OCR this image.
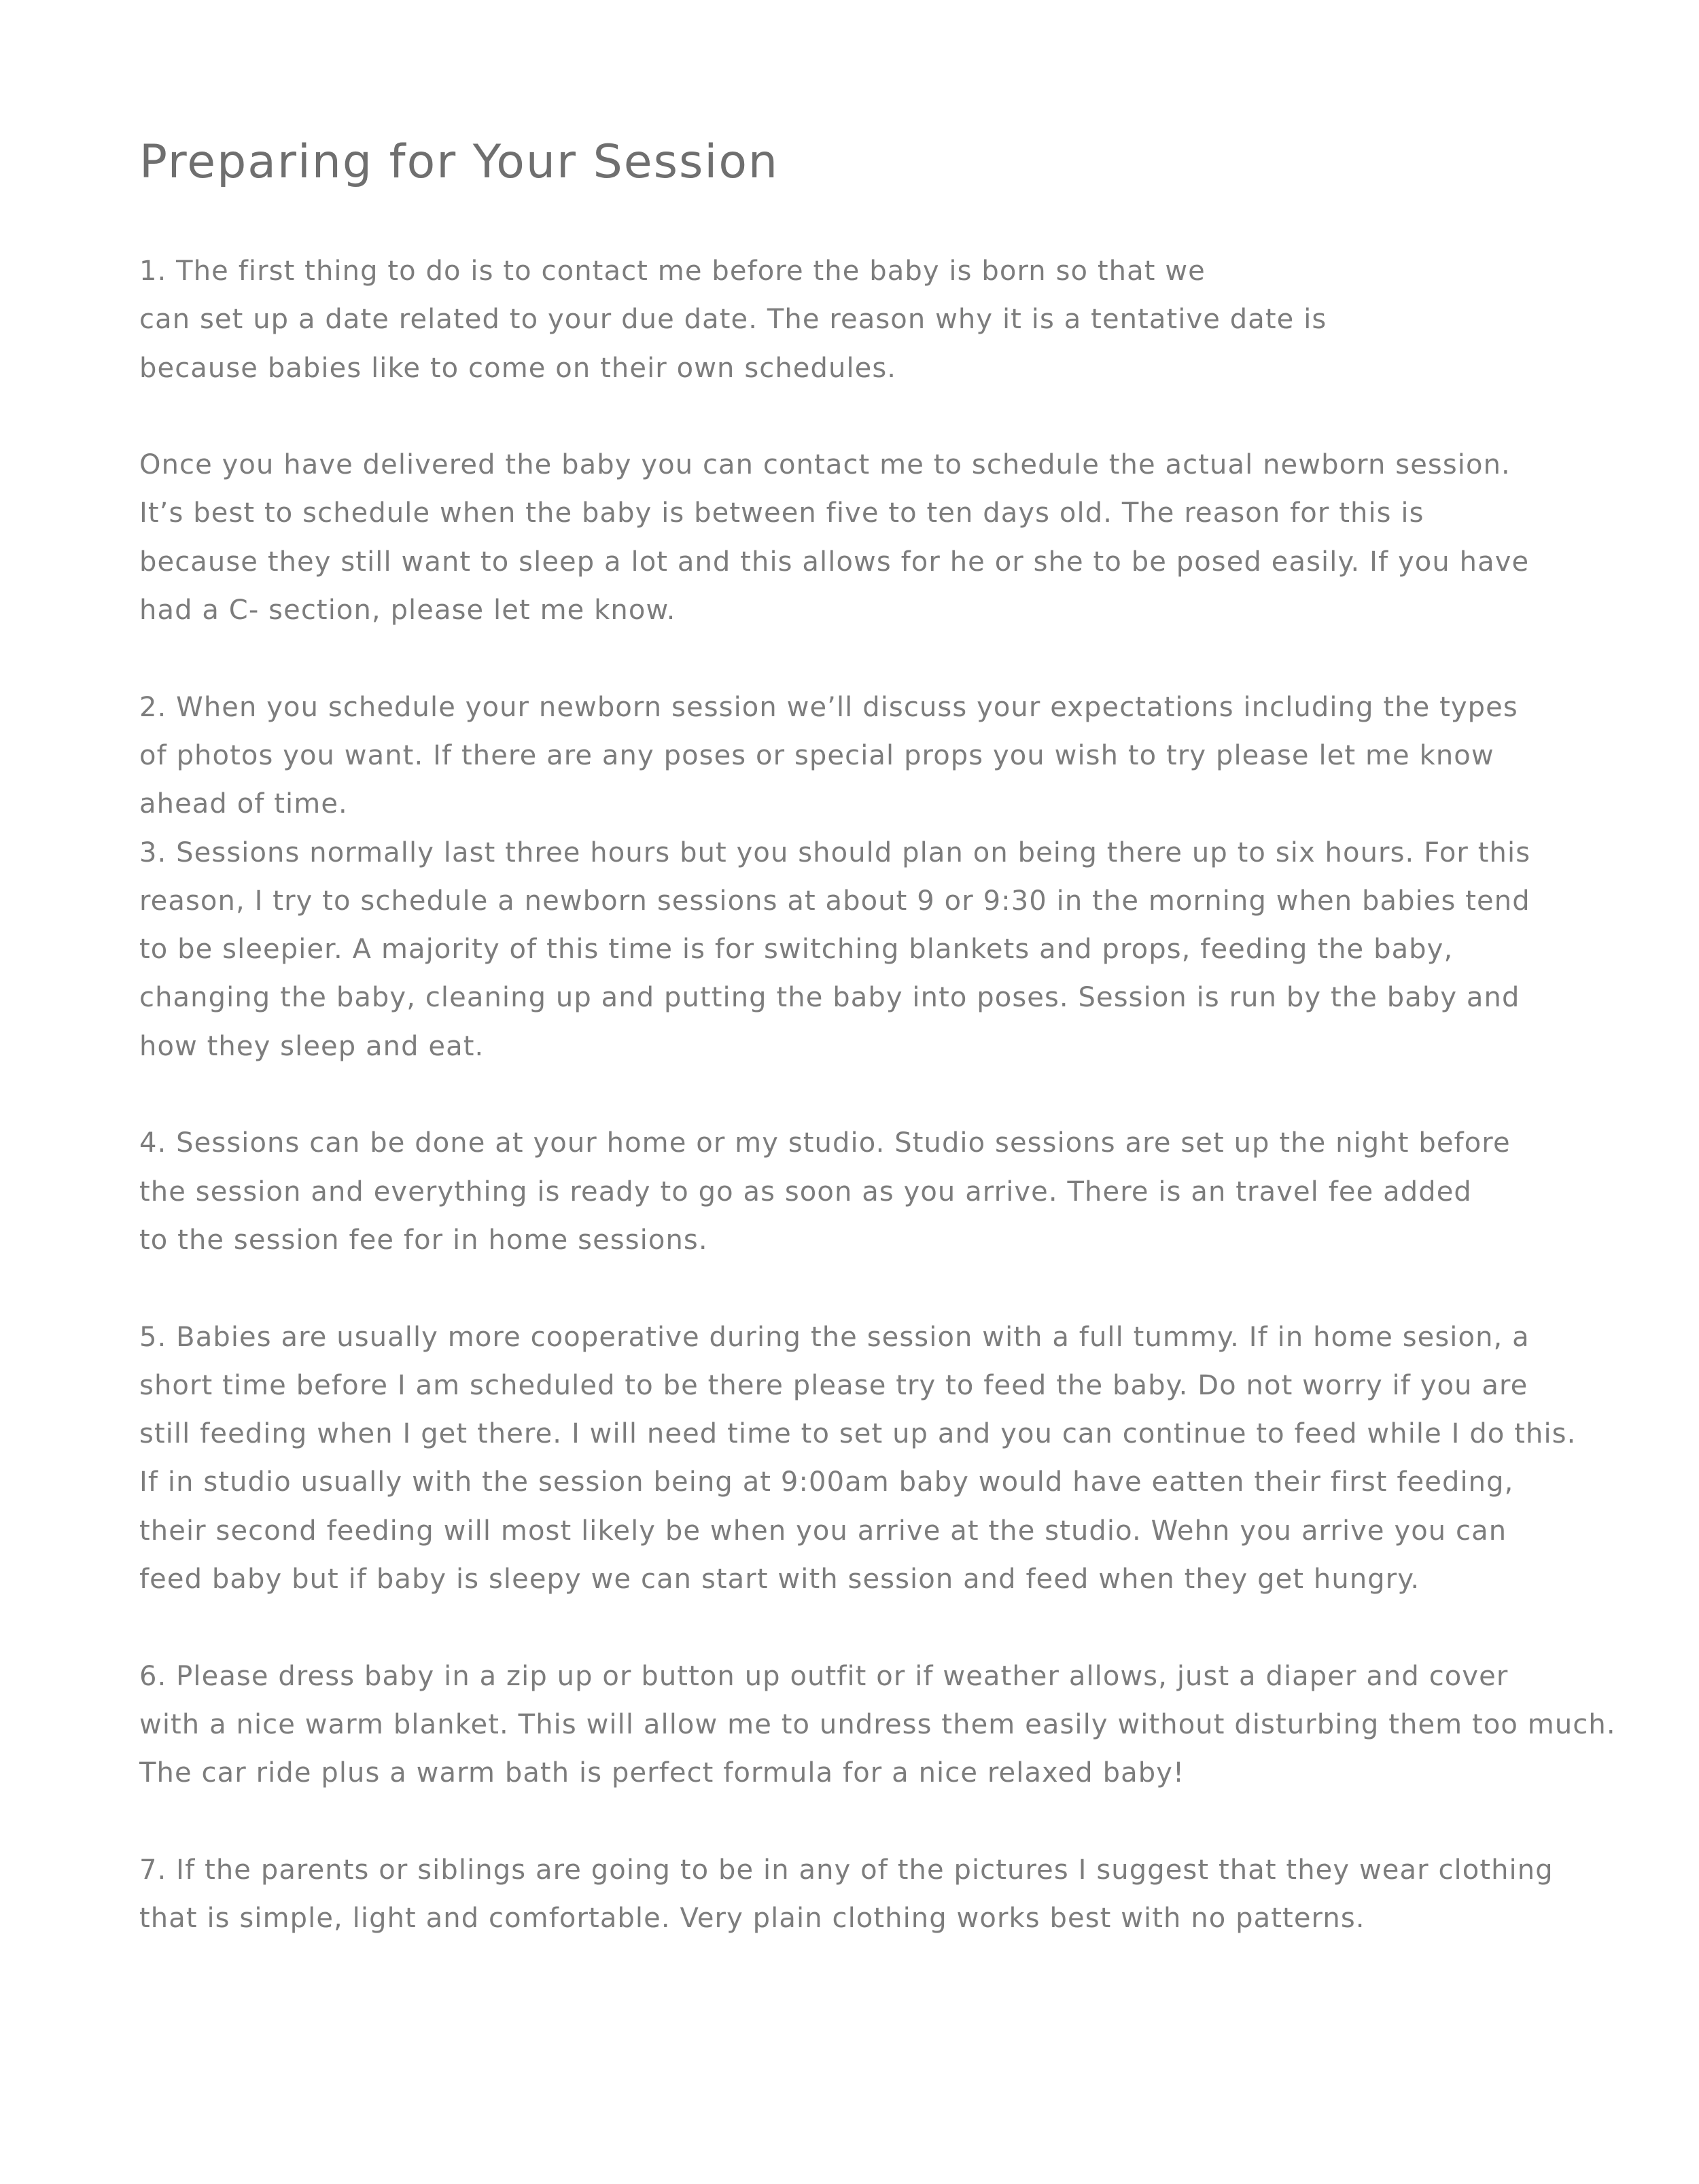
Preparing for Your Session
1. The first thing to do is to contact me before the baby is born so that we
can set up a date related to your due date. The reason why it is a tentative date is
because babies like to come on their own schedules.
Once you have delivered the baby you can contact me to schedule the actual newborn session.
It’s best to schedule when the baby is between five to ten days old. The reason for this is
because they still want to sleep a lot and this allows for he or she to be posed easily. If you have
had a C- section, please let me know.
2. When you schedule your newborn session we’ll discuss your expectations including the types
of photos you want. If there are any poses or special props you wish to try please let me know
ahead of time.
3. Sessions normally last three hours but you should plan on being there up to six hours. For this
reason, I try to schedule a newborn sessions at about 9 or 9:30 in the morning when babies tend
to be sleepier. A majority of this time is for switching blankets and props, feeding the baby,
changing the baby, cleaning up and putting the baby into poses. Session is run by the baby and
how they sleep and eat.
4. Sessions can be done at your home or my studio. Studio sessions are set up the night before
the session and everything is ready to go as soon as you arrive. There is an travel fee added
to the session fee for in home sessions.
5. Babies are usually more cooperative during the session with a full tummy. If in home sesion, a
short time before I am scheduled to be there please try to feed the baby. Do not worry if you are
still feeding when I get there. I will need time to set up and you can continue to feed while I do this.
If in studio usually with the session being at 9:00am baby would have eatten their first feeding,
their second feeding will most likely be when you arrive at the studio. Wehn you arrive you can
feed baby but if baby is sleepy we can start with session and feed when they get hungry.
6. Please dress baby in a zip up or button up outfit or if weather allows, just a diaper and cover
with a nice warm blanket. This will allow me to undress them easily without disturbing them too much.
The car ride plus a warm bath is perfect formula for a nice relaxed baby!
7. If the parents or siblings are going to be in any of the pictures I suggest that they wear clothing
that is simple, light and comfortable. Very plain clothing works best with no patterns.
